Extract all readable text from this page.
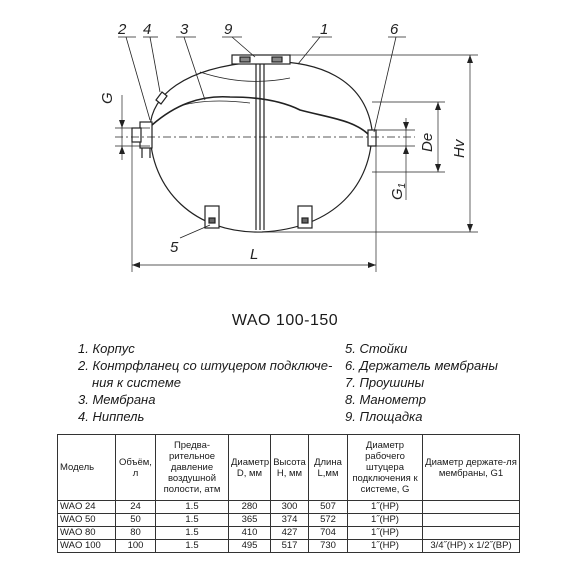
2 4 3 9	1	6
5
G
$G_1$
De Hv
L
WAO 100-150
1. Корпус
2. Контрфланец со штуцером подключе-
ния к системе
3. Мембрана
4. Ниппель
5. Стойки
6. Держатель мембраны
7. Проушины
8. Манометр
9. Площадка
Модель	Объём, л	Предва-рительное давление воздушной полости, атм	Диаметр D, мм	Высота H, мм	Длина L,мм	Диаметр рабочего штуцера подключения к системе, G	Диаметр держате-ля мембраны, G1
WAO 24	24	1.5	280	300	507	1˝(НР)	
WAO 50	50	1.5	365	374	572	1˝(НР)	
WAO 80	80	1.5	410	427	704	1˝(НР)	
WAO 100	100	1.5	495	517	730	1˝(НР)	3/4˝(НР) x 1/2˝(ВР)
